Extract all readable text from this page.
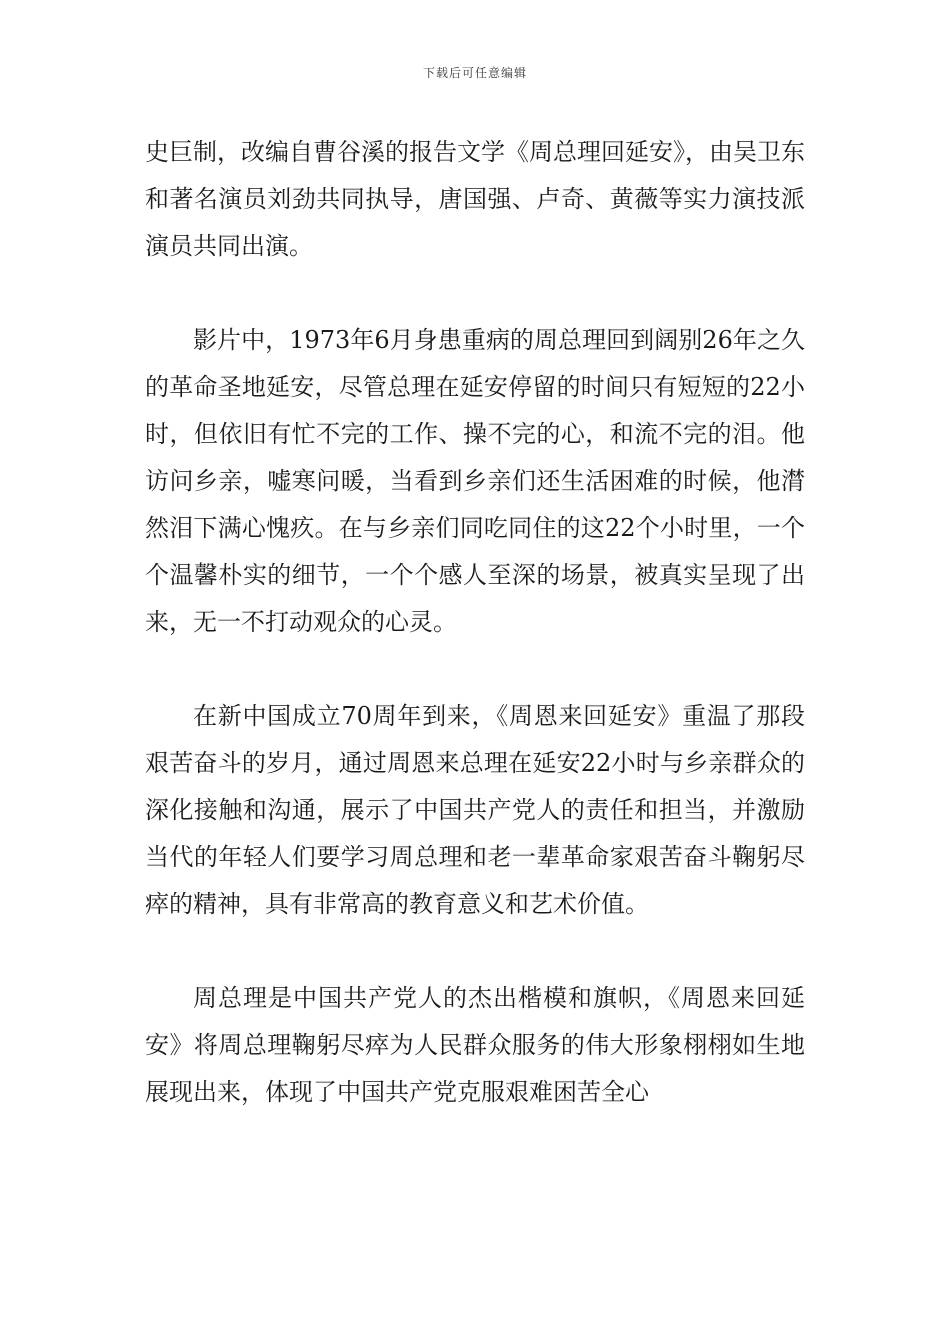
下载后可任意编辑

史巨制，改编自曹谷溪的报告文学《周总理回延安》，由吴卫东和著名演员刘劲共同执导，唐国强、卢奇、黄薇等实力演技派演员共同出演。

影片中，1973年6月身患重病的周总理回到阔别26年之久的革命圣地延安，尽管总理在延安停留的时间只有短短的22小时，但依旧有忙不完的工作、操不完的心，和流不完的泪。他访问乡亲，嘘寒问暖，当看到乡亲们还生活困难的时候，他潸然泪下满心愧疚。在与乡亲们同吃同住的这22个小时里，一个个温馨朴实的细节，一个个感人至深的场景，被真实呈现了出来，无一不打动观众的心灵。

在新中国成立70周年到来，《周恩来回延安》重温了那段艰苦奋斗的岁月，通过周恩来总理在延安22小时与乡亲群众的深化接触和沟通，展示了中国共产党人的责任和担当，并激励当代的年轻人们要学习周总理和老一辈革命家艰苦奋斗鞠躬尽瘁的精神，具有非常高的教育意义和艺术价值。

周总理是中国共产党人的杰出楷模和旗帜，《周恩来回延安》将周总理鞠躬尽瘁为人民群众服务的伟大形象栩栩如生地展现出来，体现了中国共产党克服艰难困苦全心
